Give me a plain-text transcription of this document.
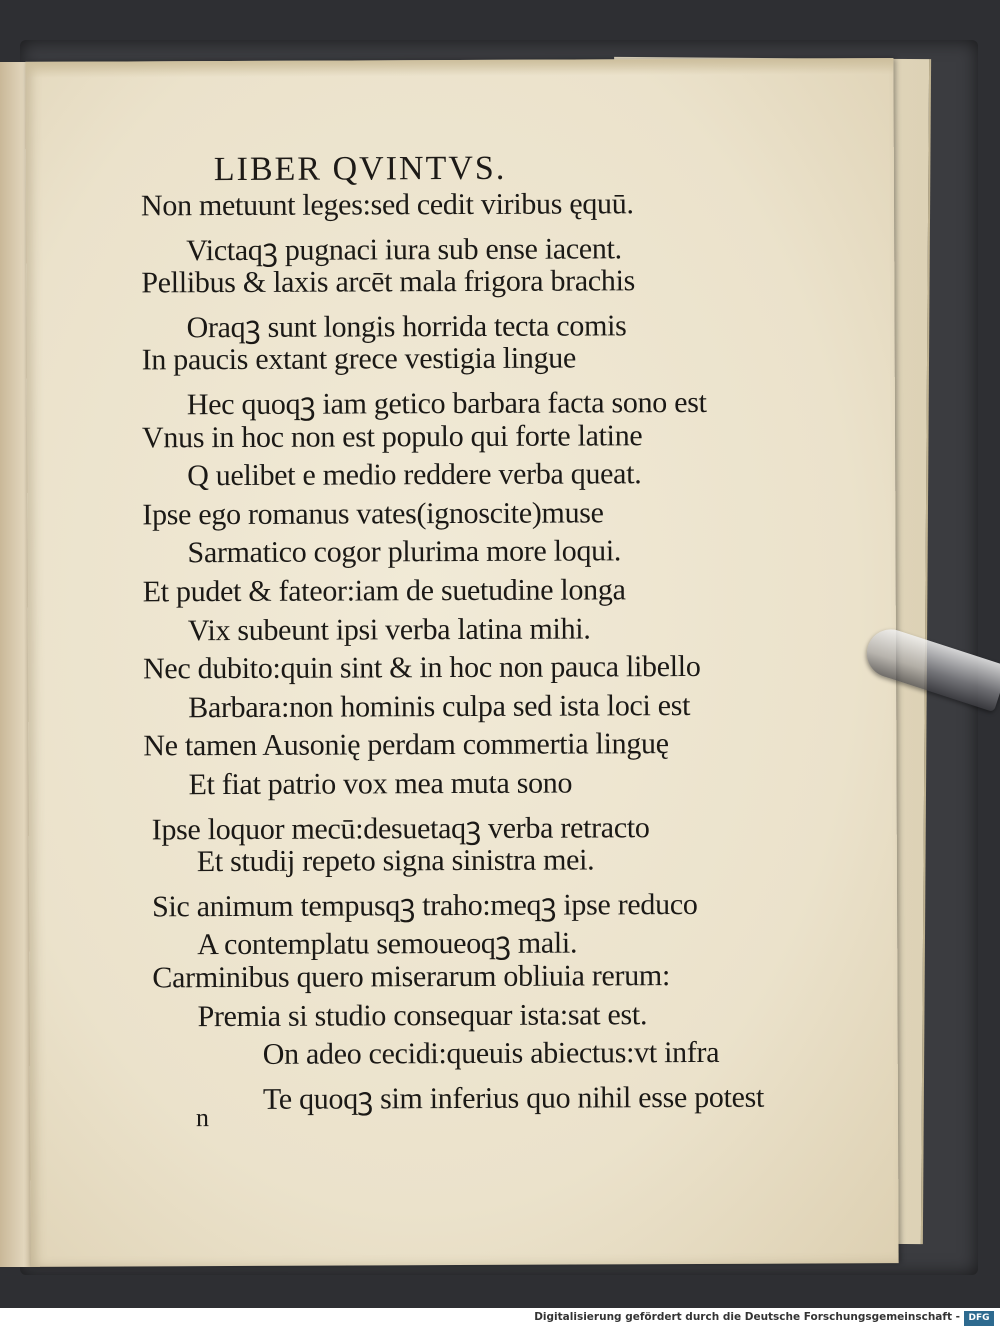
LIBER QVINTVS.
Non metuunt leges:sed cedit viribus ęquū.
Victaqꝫ pugnaci iura sub ense iacent.
Pellibus & laxis arcēt mala frigora brachis
Oraqꝫ sunt longis horrida tecta comis
In paucis extant grece vestigia lingue
Hec quoqꝫ iam getico barbara facta sono est
Vnus in hoc non est populo qui forte latine
Q uelibet e medio reddere verba queat.
Ipse ego romanus vates(ignoscite)muse
Sarmatico cogor plurima more loqui.
Et pudet & fateor:iam de suetudine longa
Vix subeunt ipsi verba latina mihi.
Nec dubito:quin sint & in hoc non pauca libello
Barbara:non hominis culpa sed ista loci est
Ne tamen Ausonię perdam commertia linguę
Et fiat patrio vox mea muta sono
Ipse loquor mecū:desuetaqꝫ verba retracto
Et studij repeto signa sinistra mei.
Sic animum tempusqꝫ traho:meqꝫ ipse reduco
A contemplatu semoueoqꝫ mali.
Carminibus quero miserarum obliuia rerum:
Premia si studio consequar ista:sat est.
On adeo cecidi:queuis abiectus:vt infra
Te quoqꝫ sim inferius quo nihil esse potest
n
Digitalisierung gefördert durch die Deutsche Forschungsgemeinschaft - DFG
